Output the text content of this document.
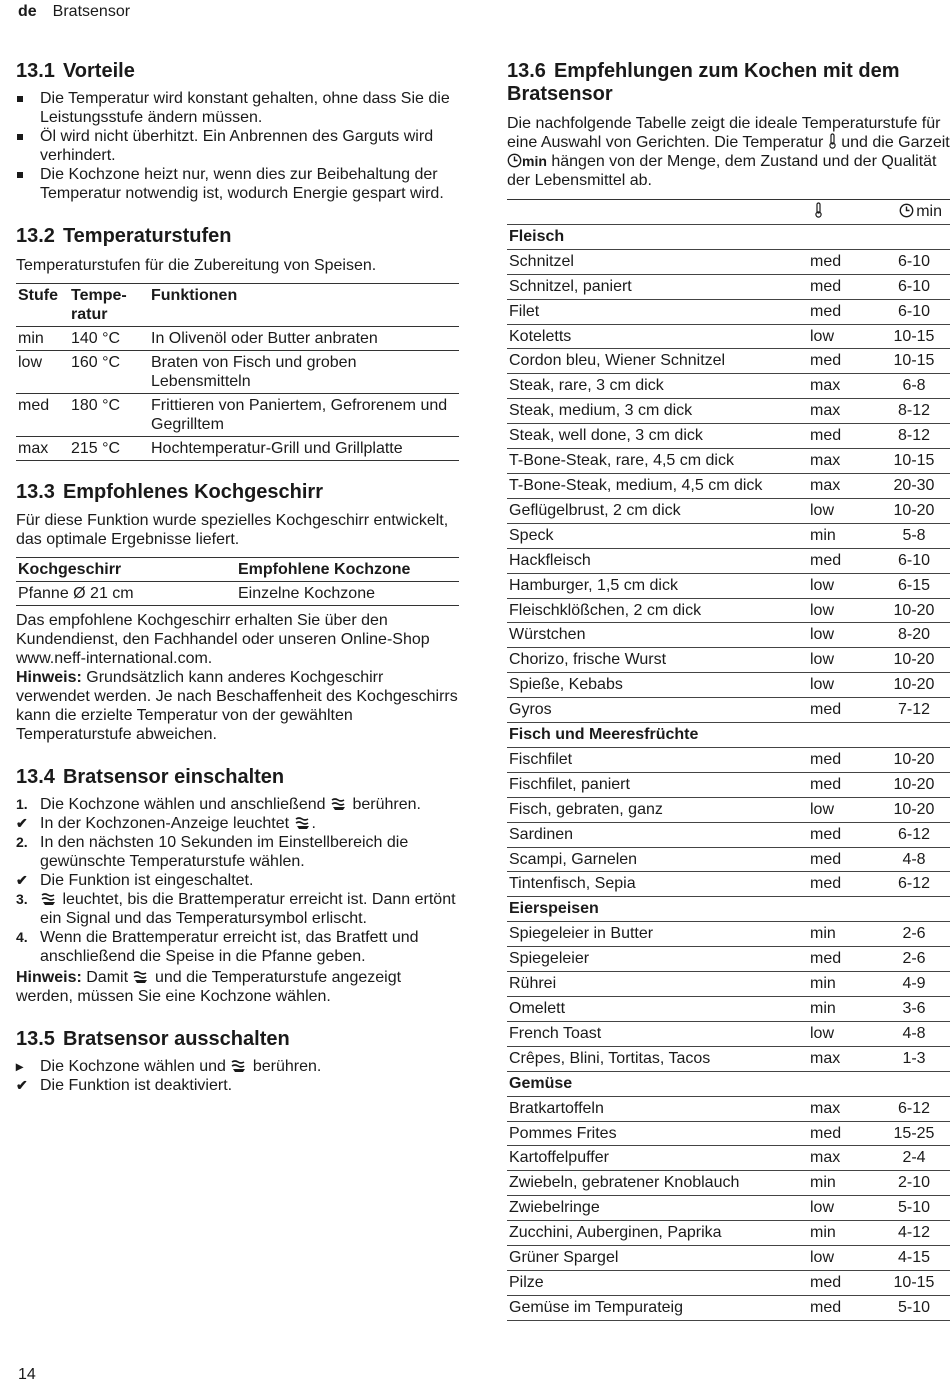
de Bratsensor
13.1 Vorteile
Die Temperatur wird konstant gehalten, ohne dass Sie die Leistungsstufe ändern müssen.
Öl wird nicht überhitzt. Ein Anbrennen des Garguts wird verhindert.
Die Kochzone heizt nur, wenn dies zur Beibehaltung der Temperatur notwendig ist, wodurch Energie gespart wird.
13.2 Temperaturstufen

Temperaturstufen für die Zubereitung von Speisen.

Stufe	Tempe-ratur	Funktionen
min	140 °C	In Olivenöl oder Butter anbraten
low	160 °C	Braten von Fisch und groben Lebensmitteln
med	180 °C	Frittieren von Paniertem, Gefrorenem und Gegrilltem
max	215 °C	Hochtemperatur-Grill und Grillplatte
13.3 Empfohlenes Kochgeschirr

Für diese Funktion wurde spezielles Kochgeschirr entwickelt, das optimale Ergebnisse liefert.

Kochgeschirr	Empfohlene Kochzone
Pfanne Ø 21 cm	Einzelne Kochzone

Das empfohlene Kochgeschirr erhalten Sie über den Kundendienst, den Fachhandel oder unseren Online-Shop www.neff-international.com.

Hinweis: Grundsätzlich kann anderes Kochgeschirr verwendet werden. Je nach Beschaffenheit des Kochgeschirrs kann die erzielte Temperatur von der gewählten Temperaturstufe abweichen.

13.4 Bratsensor einschalten
1. Die Kochzone wählen und anschließend berühren.
✔ In der Kochzonen-Anzeige leuchtet .
2. In den nächsten 10 Sekunden im Einstellbereich die gewünschte Temperaturstufe wählen.
✔ Die Funktion ist eingeschaltet.
3. leuchtet, bis die Brattemperatur erreicht ist. Dann ertönt ein Signal und das Temperatursymbol erlischt.
4. Wenn die Brattemperatur erreicht ist, das Bratfett und anschließend die Speise in die Pfanne geben.

Hinweis: Damit und die Temperaturstufe angezeigt werden, müssen Sie eine Kochzone wählen.

13.5 Bratsensor ausschalten
▸ Die Kochzone wählen und berühren.
✔ Die Funktion ist deaktiviert.
13.6 Empfehlungen zum Kochen mit dem Bratsensor

Die nachfolgende Tabelle zeigt die ideale Temperaturstufe für eine Auswahl von Gerichten. Die Temperatur und die Garzeit min hängen von der Menge, dem Zustand und der Qualität der Lebensmittel ab.

		min
Fleisch		
Schnitzel	med	6-10
Schnitzel, paniert	med	6-10
Filet	med	6-10
Koteletts	low	10-15
Cordon bleu, Wiener Schnitzel	med	10-15
Steak, rare, 3 cm dick	max	6-8
Steak, medium, 3 cm dick	max	8-12
Steak, well done, 3 cm dick	med	8-12
T-Bone-Steak, rare, 4,5 cm dick	max	10-15
T-Bone-Steak, medium, 4,5 cm dick	max	20-30
Geflügelbrust, 2 cm dick	low	10-20
Speck	min	5-8
Hackfleisch	med	6-10
Hamburger, 1,5 cm dick	low	6-15
Fleischklößchen, 2 cm dick	low	10-20
Würstchen	low	8-20
Chorizo, frische Wurst	low	10-20
Spieße, Kebabs	low	10-20
Gyros	med	7-12
Fisch und Meeresfrüchte		
Fischfilet	med	10-20
Fischfilet, paniert	med	10-20
Fisch, gebraten, ganz	low	10-20
Sardinen	med	6-12
Scampi, Garnelen	med	4-8
Tintenfisch, Sepia	med	6-12
Eierspeisen		
Spiegeleier in Butter	min	2-6
Spiegeleier	med	2-6
Rührei	min	4-9
Omelett	min	3-6
French Toast	low	4-8
Crêpes, Blini, Tortitas, Tacos	max	1-3
Gemüse		
Bratkartoffeln	max	6-12
Pommes Frites	med	15-25
Kartoffelpuffer	max	2-4
Zwiebeln, gebratener Knoblauch	min	2-10
Zwiebelringe	low	5-10
Zucchini, Auberginen, Paprika	min	4-12
Grüner Spargel	low	4-15
Pilze	med	10-15
Gemüse im Tempurateig	med	5-10
14
